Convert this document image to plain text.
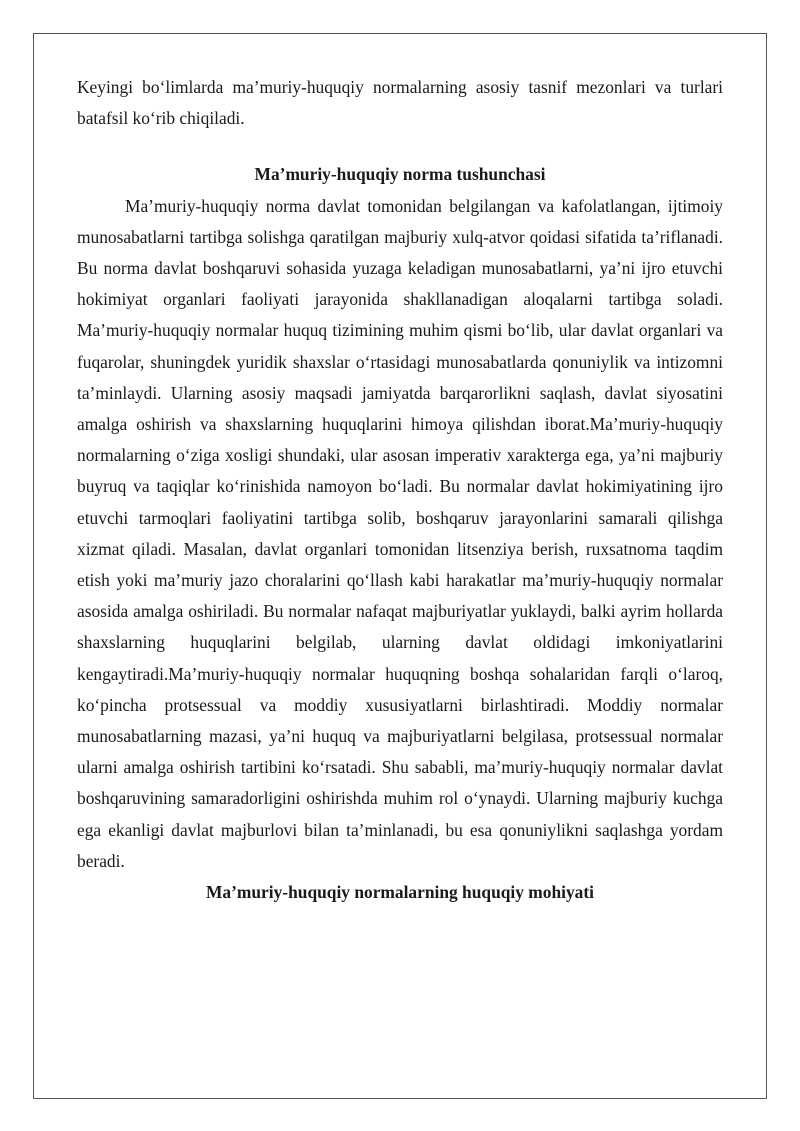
Keyingi bo‘limlarda ma’muriy-huquqiy normalarning asosiy tasnif mezonlari va turlari batafsil ko‘rib chiqiladi.

Ma’muriy-huquqiy norma tushunchasi

Ma’muriy-huquqiy norma davlat tomonidan belgilangan va kafolatlangan, ijtimoiy munosabatlarni tartibga solishga qaratilgan majburiy xulq-atvor qoidasi sifatida ta’riflanadi. Bu norma davlat boshqaruvi sohasida yuzaga keladigan munosabatlarni, ya’ni ijro etuvchi hokimiyat organlari faoliyati jarayonida shakllanadigan aloqalarni tartibga soladi. Ma’muriy-huquqiy normalar huquq tizimining muhim qismi bo‘lib, ular davlat organlari va fuqarolar, shuningdek yuridik shaxslar o‘rtasidagi munosabatlarda qonuniylik va intizomni ta’minlaydi. Ularning asosiy maqsadi jamiyatda barqarorlikni saqlash, davlat siyosatini amalga oshirish va shaxslarning huquqlarini himoya qilishdan iborat.Ma’muriy-huquqiy normalarning o‘ziga xosligi shundaki, ular asosan imperativ xarakterga ega, ya’ni majburiy buyruq va taqiqlar ko‘rinishida namoyon bo‘ladi. Bu normalar davlat hokimiyatining ijro etuvchi tarmoqlari faoliyatini tartibga solib, boshqaruv jarayonlarini samarali qilishga xizmat qiladi. Masalan, davlat organlari tomonidan litsenziya berish, ruxsatnoma taqdim etish yoki ma’muriy jazo choralarini qo‘llash kabi harakatlar ma’muriy-huquqiy normalar asosida amalga oshiriladi. Bu normalar nafaqat majburiyatlar yuklaydi, balki ayrim hollarda shaxslarning huquqlarini belgilab, ularning davlat oldidagi imkoniyatlarini kengaytiradi.Ma’muriy-huquqiy normalar huquqning boshqa sohalaridan farqli o‘laroq, ko‘pincha protsessual va moddiy xususiyatlarni birlashtiradi. Moddiy normalar munosabatlarning mazasi, ya’ni huquq va majburiyatlarni belgilasa, protsessual normalar ularni amalga oshirish tartibini ko‘rsatadi. Shu sababli, ma’muriy-huquqiy normalar davlat boshqaruvining samaradorligini oshirishda muhim rol o‘ynaydi. Ularning majburiy kuchga ega ekanligi davlat majburlovi bilan ta’minlanadi, bu esa qonuniylikni saqlashga yordam beradi.

Ma’muriy-huquqiy normalarning huquqiy mohiyati
